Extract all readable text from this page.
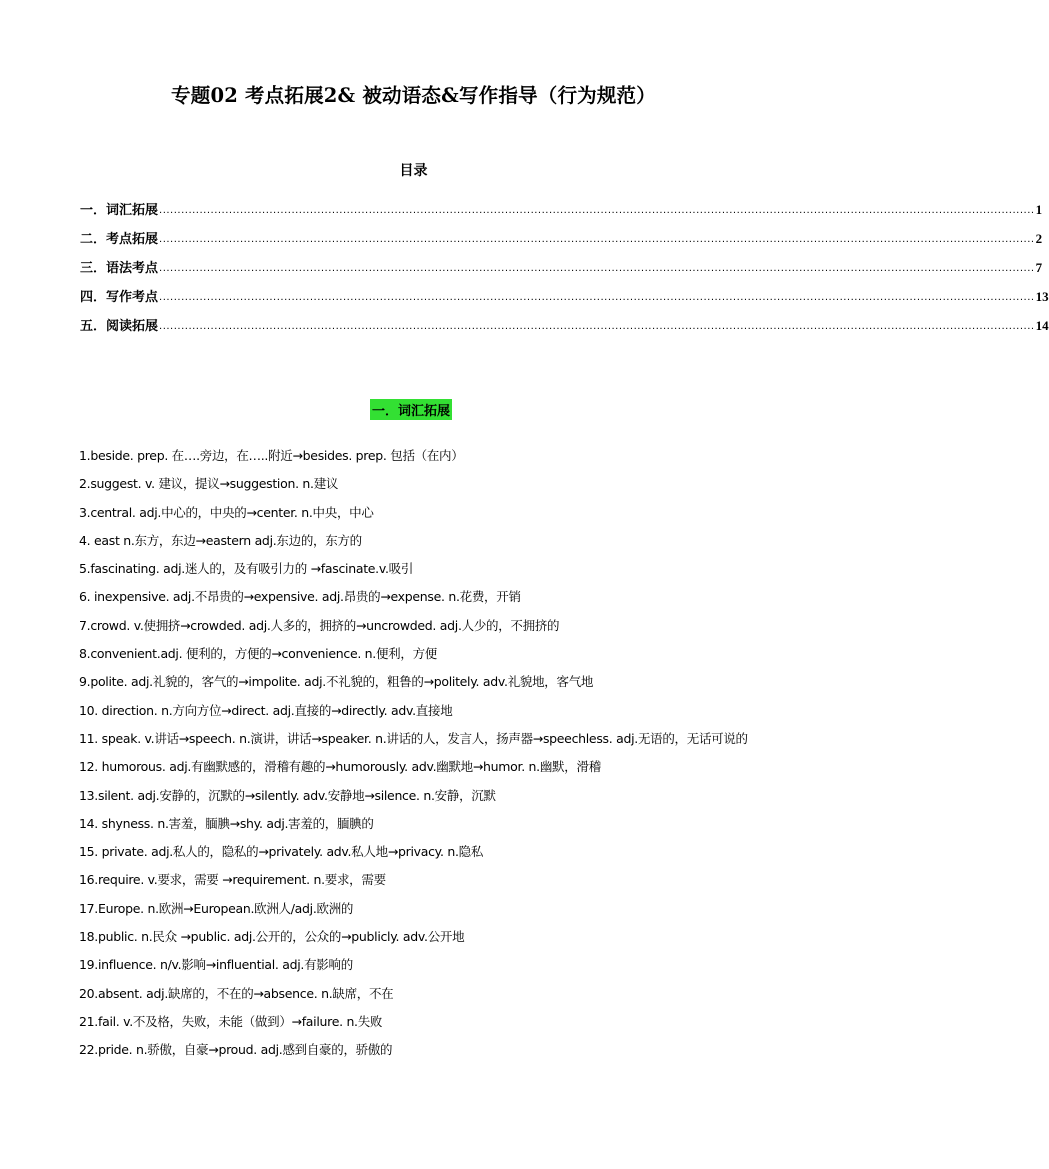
专题02 考点拓展2& 被动语态&写作指导（行为规范）
目录
一．词汇拓展 .............................................................................................................................................................................................................................................. 1
二．考点拓展 .............................................................................................................................................................................................................................................. 2
三．语法考点 .............................................................................................................................................................................................................................................. 7
四．写作考点 .............................................................................................................................................................................................................................................. 13
五．阅读拓展 .............................................................................................................................................................................................................................................. 14
一．词汇拓展
1.beside. prep. 在….旁边，在…..附近→besides. prep. 包括（在内）
2.suggest. v. 建议，提议→suggestion. n.建议
3.central. adj.中心的，中央的→center. n.中央，中心
4. east n.东方，东边→eastern adj.东边的，东方的
5.fascinating. adj.迷人的，及有吸引力的 →fascinate.v.吸引
6. inexpensive. adj.不昂贵的→expensive. adj.昂贵的→expense. n.花费，开销
7.crowd. v.使拥挤→crowded. adj.人多的，拥挤的→uncrowded. adj.人少的，不拥挤的
8.convenient.adj. 便利的，方便的→convenience. n.便利，方便
9.polite. adj.礼貌的，客气的→impolite. adj.不礼貌的，粗鲁的→politely. adv.礼貌地，客气地
10. direction. n.方向方位→direct. adj.直接的→directly. adv.直接地
11. speak. v.讲话→speech. n.演讲，讲话→speaker. n.讲话的人，发言人，扬声器→speechless. adj.无语的，无话可说的
12. humorous. adj.有幽默感的，滑稽有趣的→humorously. adv.幽默地→humor. n.幽默，滑稽
13.silent. adj.安静的，沉默的→silently. adv.安静地→silence. n.安静，沉默
14. shyness. n.害羞，腼腆→shy. adj.害羞的，腼腆的
15. private. adj.私人的，隐私的→privately. adv.私人地→privacy. n.隐私
16.require. v.要求，需要 →requirement. n.要求，需要
17.Europe. n.欧洲→European.欧洲人/adj.欧洲的
18.public. n.民众 →public. adj.公开的，公众的→publicly. adv.公开地
19.influence. n/v.影响→influential. adj.有影响的
20.absent. adj.缺席的，不在的→absence. n.缺席，不在
21.fail. v.不及格，失败，未能（做到）→failure. n.失败
22.pride. n.骄傲，自豪→proud. adj.感到自豪的，骄傲的
